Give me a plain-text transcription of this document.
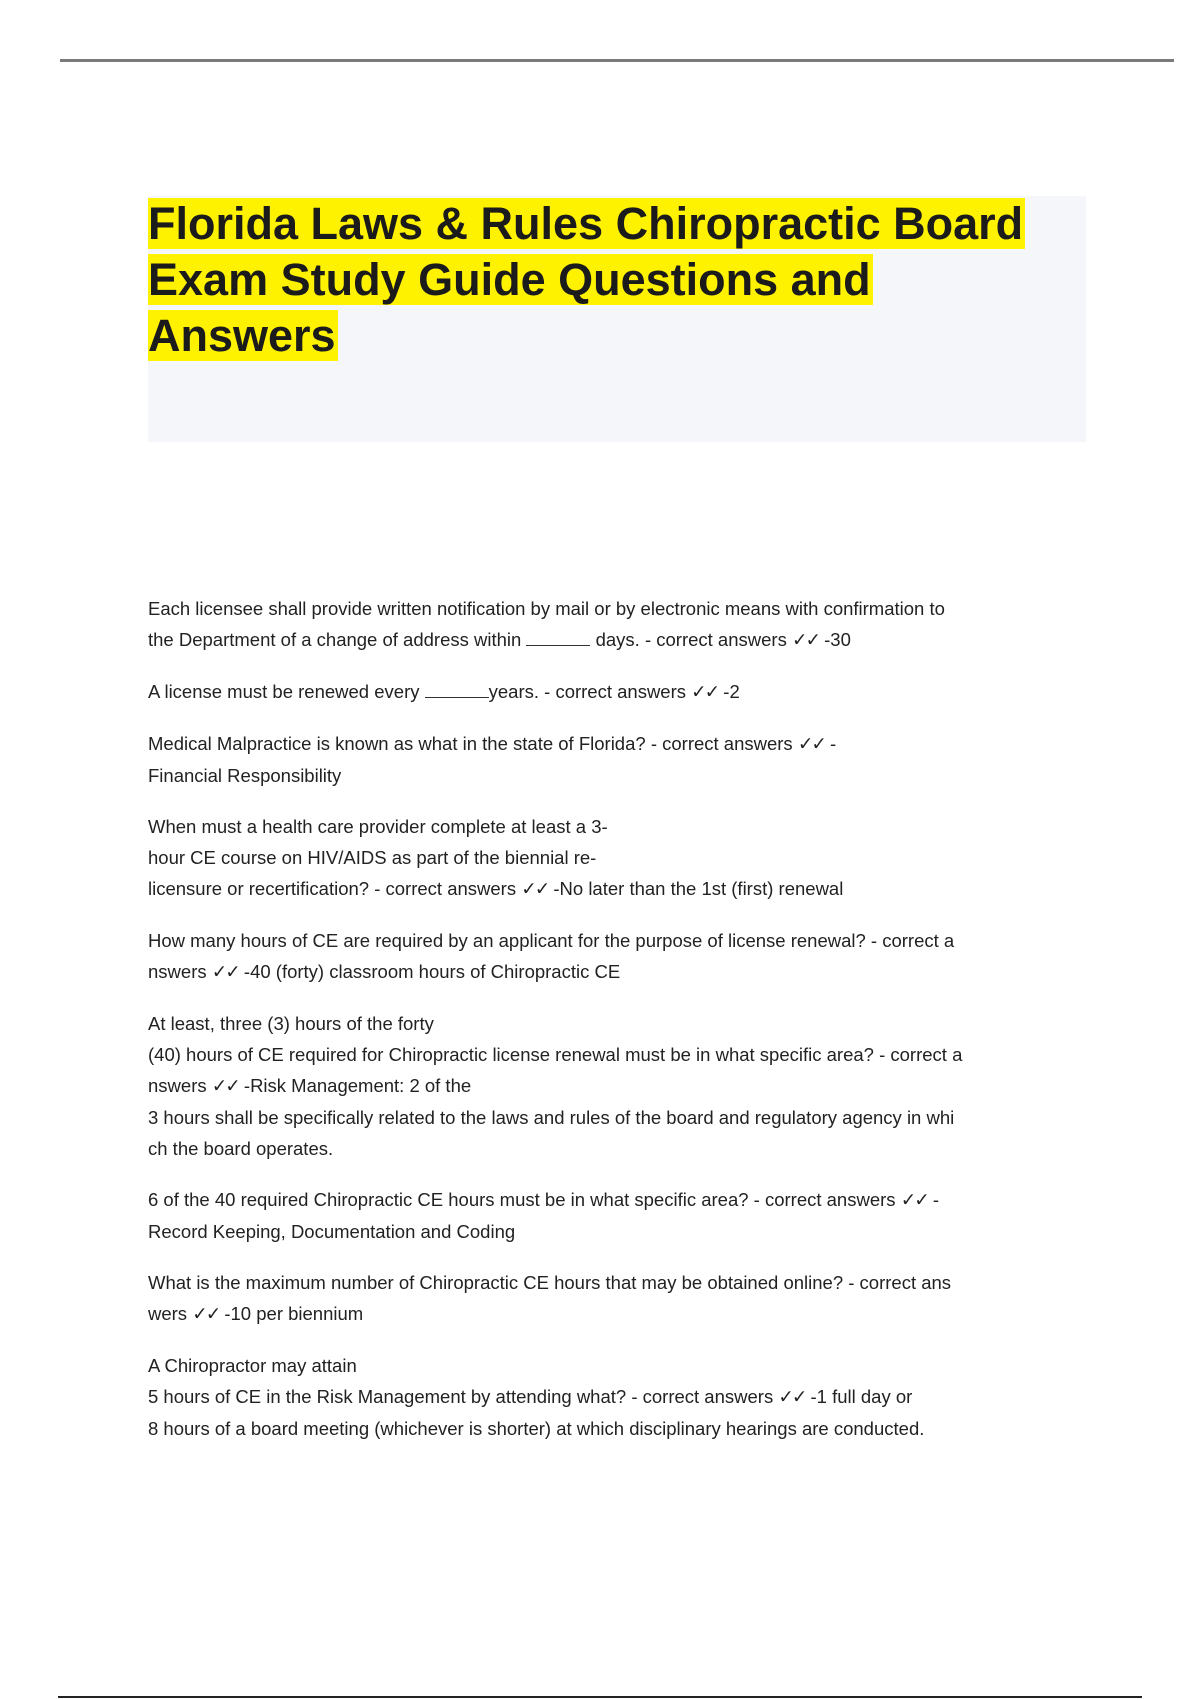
Florida Laws & Rules Chiropractic Board
Exam Study Guide Questions and
Answers

Each licensee shall provide written notification by mail or by electronic means with confirmation to
the Department of a change of address within	days. - correct answers ✓✓ -30

A license must be renewed every	years. - correct answers ✓✓ -2

Medical Malpractice is known as what in the state of Florida? - correct answers ✓✓ -
Financial Responsibility

When must a health care provider complete at least a 3-
hour CE course on HIV/AIDS as part of the biennial re-
licensure or recertification? - correct answers ✓✓ -No later than the 1st (first) renewal

How many hours of CE are required by an applicant for the purpose of license renewal? - correct a
nswers ✓✓ -40 (forty) classroom hours of Chiropractic CE

At least, three (3) hours of the forty
(40) hours of CE required for Chiropractic license renewal must be in what specific area? - correct a
nswers ✓✓ -Risk Management: 2 of the
3 hours shall be specifically related to the laws and rules of the board and regulatory agency in whi
ch the board operates.

6 of the 40 required Chiropractic CE hours must be in what specific area? - correct answers ✓✓ -
Record Keeping, Documentation and Coding

What is the maximum number of Chiropractic CE hours that may be obtained online? - correct ans
wers ✓✓ -10 per biennium

A Chiropractor may attain
5 hours of CE in the Risk Management by attending what? - correct answers ✓✓ -1 full day or
8 hours of a board meeting (whichever is shorter) at which disciplinary hearings are conducted.
